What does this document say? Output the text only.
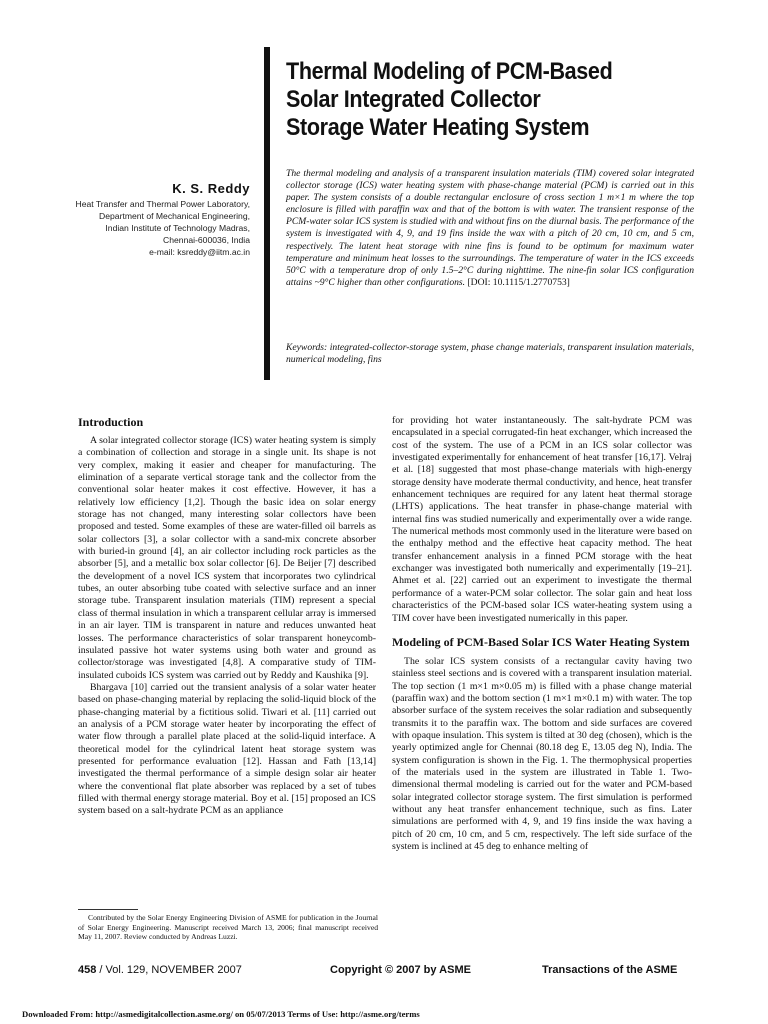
Thermal Modeling of PCM-Based
Solar Integrated Collector
Storage Water Heating System
K. S. Reddy
Heat Transfer and Thermal Power Laboratory,
Department of Mechanical Engineering,
Indian Institute of Technology Madras,
Chennai-600036, India
e-mail: ksreddy@iitm.ac.in
The thermal modeling and analysis of a transparent insulation materials (TIM) covered solar integrated collector storage (ICS) water heating system with phase-change material (PCM) is carried out in this paper. The system consists of a double rectangular enclosure of cross section 1 m×1 m where the top enclosure is filled with paraffin wax and that of the bottom is with water. The transient response of the PCM-water solar ICS system is studied with and without fins on the diurnal basis. The performance of the system is investigated with 4, 9, and 19 fins inside the wax with a pitch of 20 cm, 10 cm, and 5 cm, respectively. The latent heat storage with nine fins is found to be optimum for maximum water temperature and minimum heat losses to the surroundings. The temperature of water in the ICS exceeds 50°C with a temperature drop of only 1.5–2°C during nighttime. The nine-fin solar ICS configuration attains ~9°C higher than other configurations. [DOI: 10.1115/1.2770753]
Keywords: integrated-collector-storage system, phase change materials, transparent insulation materials, numerical modeling, fins
Introduction

A solar integrated collector storage (ICS) water heating system is simply a combination of collection and storage in a single unit. Its shape is not very complex, making it easier and cheaper for manufacturing. The elimination of a separate vertical storage tank and the collector from the conventional solar heater makes it cost effective. However, it has a relatively low efficiency [1,2]. Though the basic idea on solar energy storage has not changed, many interesting solar collectors have been proposed and tested. Some examples of these are water-filled oil barrels as solar collectors [3], a solar collector with a sand-mix concrete absorber with buried-in ground [4], an air collector including rock particles as the absorber [5], and a metallic box solar collector [6]. De Beijer [7] described the development of a novel ICS system that incorporates two cylindrical tubes, an outer absorbing tube coated with selective surface and an inner storage tube. Transparent insulation materials (TIM) represent a special class of thermal insulation in which a transparent cellular array is immersed in an air layer. TIM is transparent in nature and reduces unwanted heat losses. The performance characteristics of solar transparent honeycomb-insulated passive hot water systems using both water and ground as collector/storage was investigated [4,8]. A comparative study of TIM-insulated cuboids ICS system was carried out by Reddy and Kaushika [9].

Bhargava [10] carried out the transient analysis of a solar water heater based on phase-changing material by replacing the solid-liquid block of the phase-changing material by a fictitious solid. Tiwari et al. [11] carried out an analysis of a PCM storage water heater by incorporating the effect of water flow through a parallel plate placed at the solid-liquid interface. A theoretical model for the cylindrical latent heat storage system was presented for performance evaluation [12]. Hassan and Fath [13,14] investigated the thermal performance of a simple design solar air heater where the conventional flat plate absorber was replaced by a set of tubes filled with thermal energy storage material. Boy et al. [15] proposed an ICS system based on a salt-hydrate PCM as an appliance

for providing hot water instantaneously. The salt-hydrate PCM was encapsulated in a special corrugated-fin heat exchanger, which increased the cost of the system. The use of a PCM in an ICS solar collector was investigated experimentally for enhancement of heat transfer [16,17]. Velraj et al. [18] suggested that most phase-change materials with high-energy storage density have moderate thermal conductivity, and hence, heat transfer enhancement techniques are required for any latent heat thermal storage (LHTS) applications. The heat transfer in phase-change material with internal fins was studied numerically and experimentally over a wide range. The numerical methods most commonly used in the literature were based on the enthalpy method and the effective heat capacity method. The heat transfer enhancement analysis in a finned PCM storage with the heat exchanger was investigated both numerically and experimentally [19–21]. Ahmet et al. [22] carried out an experiment to investigate the thermal performance of a water-PCM solar collector. The solar gain and heat loss characteristics of the PCM-based solar ICS water-heating system using a TIM cover have been investigated numerically in this paper.

Modeling of PCM-Based Solar ICS Water Heating System

The solar ICS system consists of a rectangular cavity having two stainless steel sections and is covered with a transparent insulation material. The top section (1 m×1 m×0.05 m) is filled with a phase change material (paraffin wax) and the bottom section (1 m×1 m×0.1 m) with water. The top absorber surface of the system receives the solar radiation and subsequently transmits it to the paraffin wax. The bottom and side surfaces are covered with opaque insulation. This system is tilted at 30 deg (chosen), which is the yearly optimized angle for Chennai (80.18 deg E, 13.05 deg N), India. The system configuration is shown in the Fig. 1. The thermophysical properties of the materials used in the system are illustrated in Table 1. Two-dimensional thermal modeling is carried out for the water and PCM-based solar integrated collector storage system. The first simulation is performed without any heat transfer enhancement technique, such as fins. Later simulations are performed with 4, 9, and 19 fins inside the wax having a pitch of 20 cm, 10 cm, and 5 cm, respectively. The left side surface of the system is inclined at 45 deg to enhance melting of

Contributed by the Solar Energy Engineering Division of ASME for publication in the Journal of Solar Energy Engineering. Manuscript received March 13, 2006; final manuscript received May 11, 2007. Review conducted by Andreas Luzzi.

458 / Vol. 129, NOVEMBER 2007	Copyright © 2007 by ASME	Transactions of the ASME
Downloaded From: http://asmedigitalcollection.asme.org/ on 05/07/2013 Terms of Use: http://asme.org/terms
